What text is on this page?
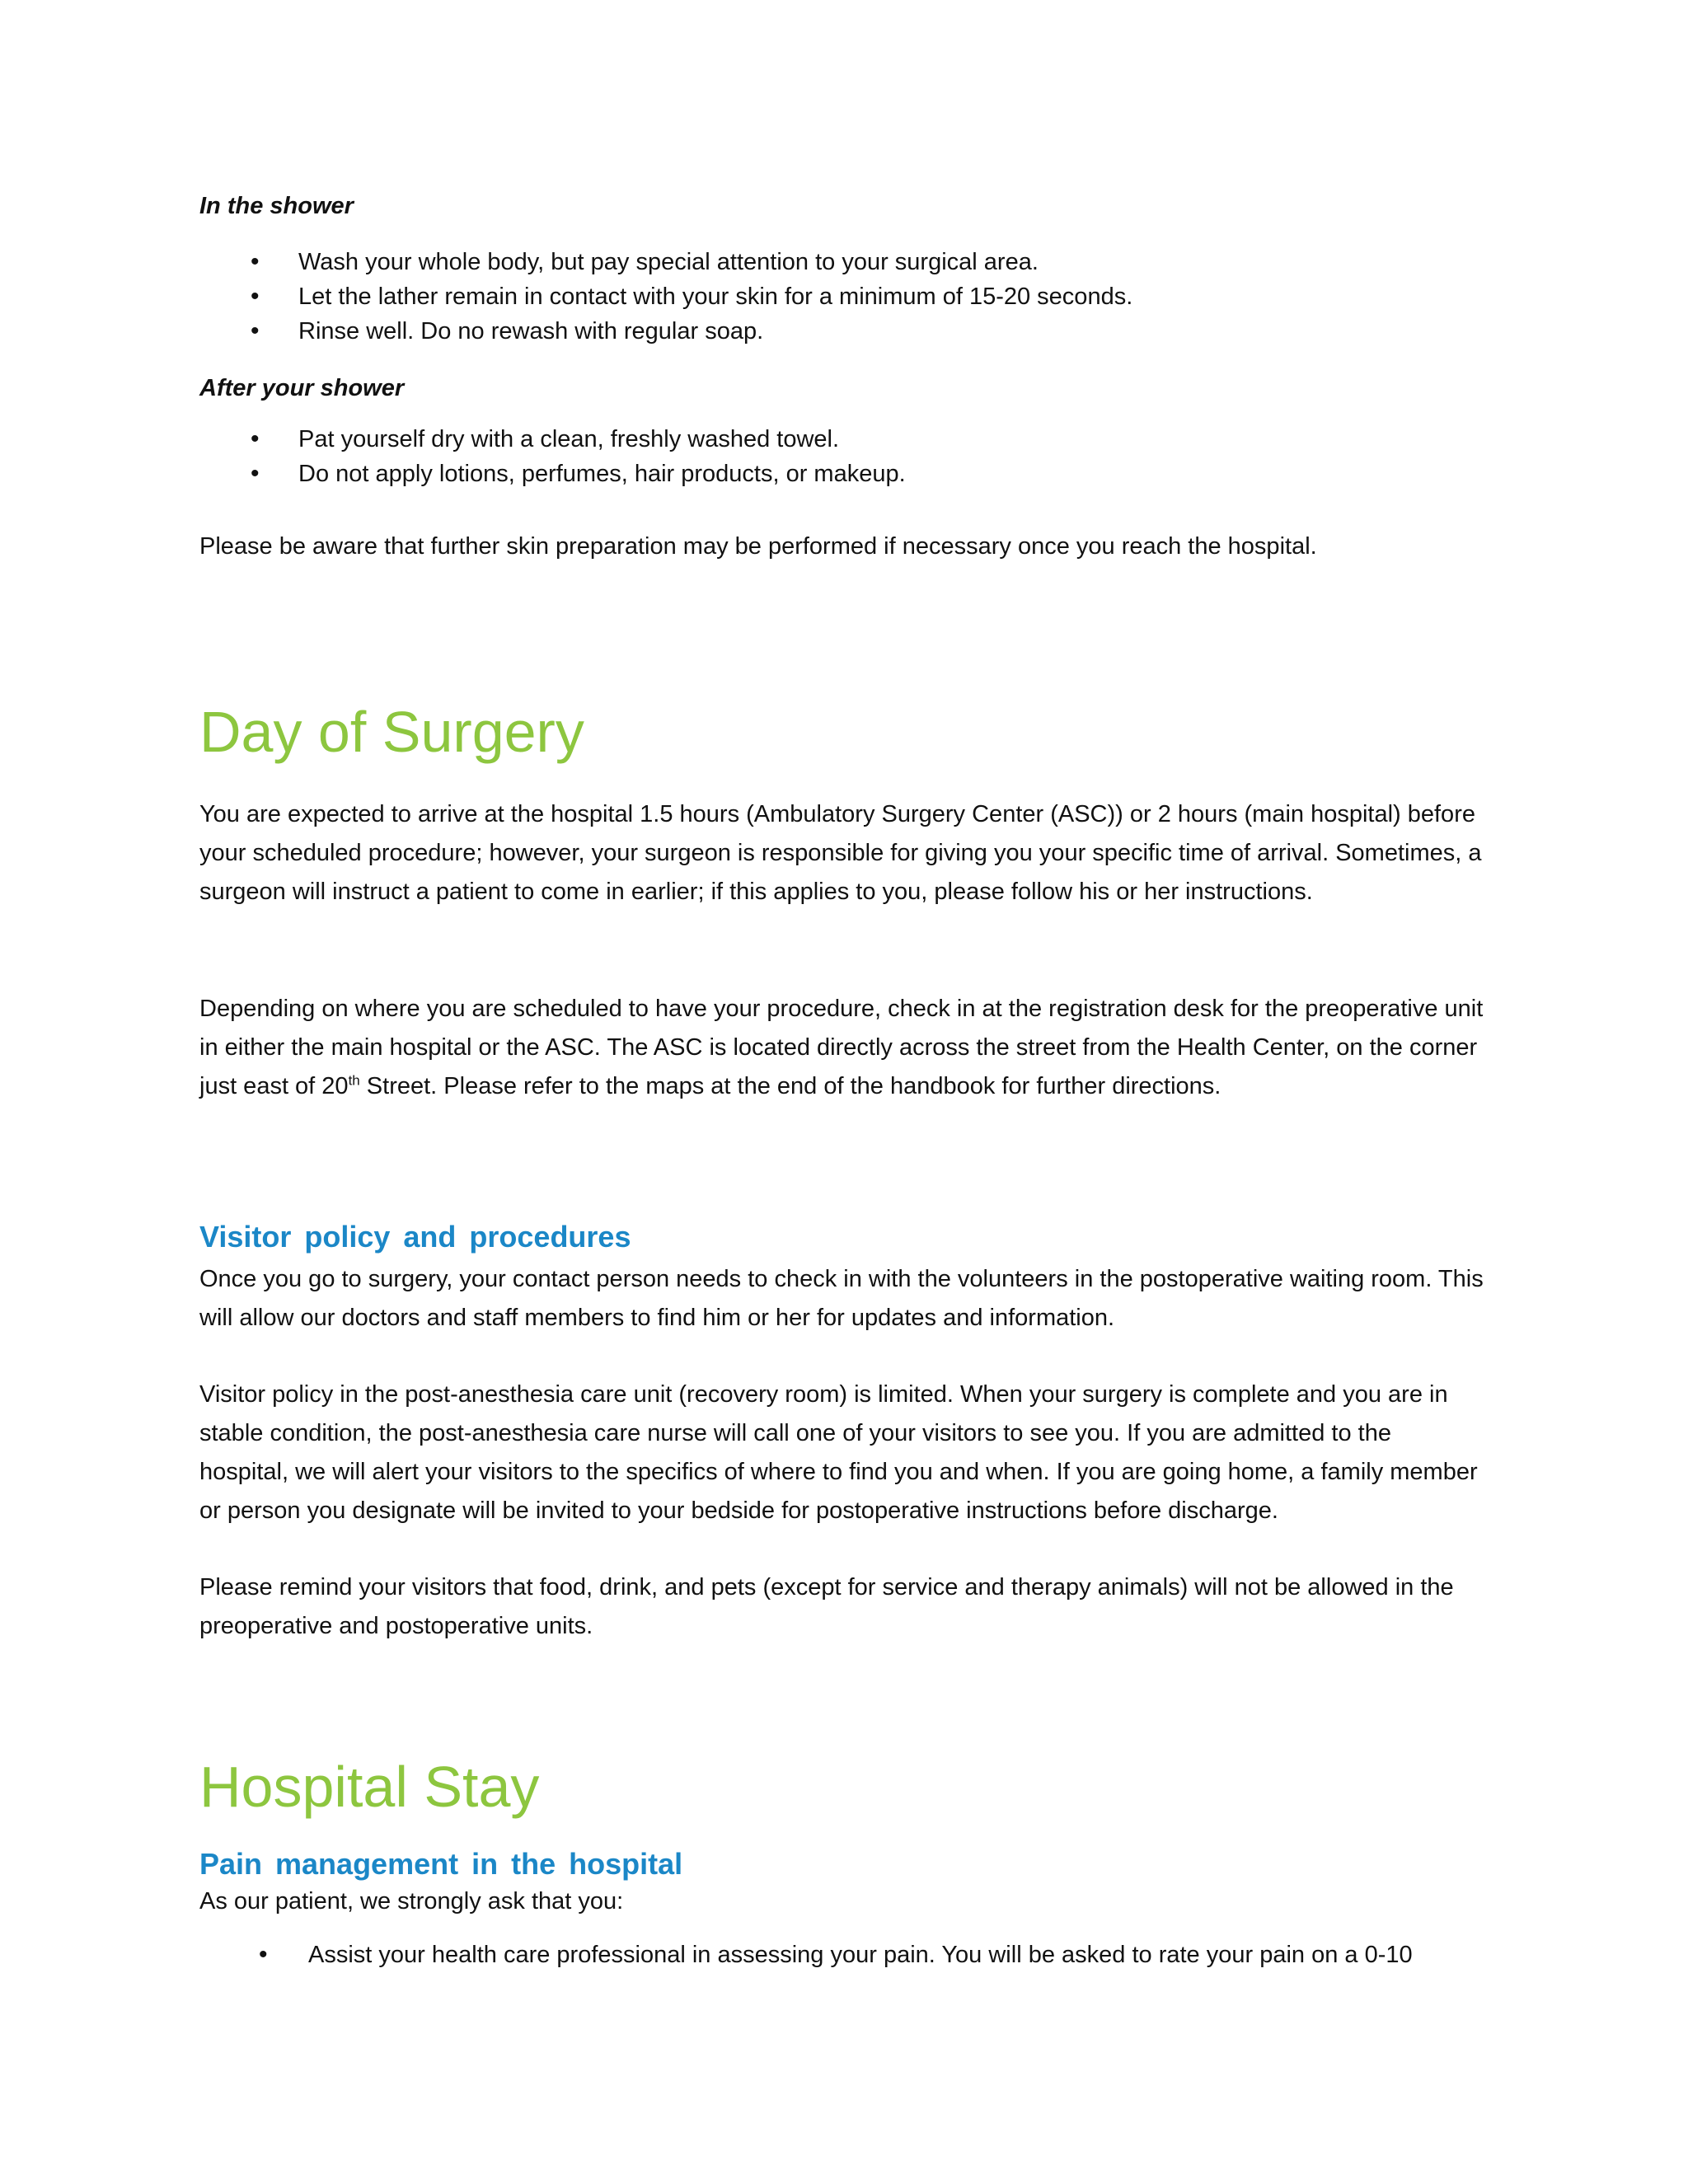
In the shower

• Wash your whole body, but pay special attention to your surgical area.
• Let the lather remain in contact with your skin for a minimum of 15-20 seconds.
• Rinse well. Do no rewash with regular soap.

After your shower

• Pat yourself dry with a clean, freshly washed towel.
• Do not apply lotions, perfumes, hair products, or makeup.

Please be aware that further skin preparation may be performed if necessary once you reach the hospital.

Day of Surgery

You are expected to arrive at the hospital 1.5 hours (Ambulatory Surgery Center (ASC)) or 2 hours (main hospital) before your scheduled procedure; however, your surgeon is responsible for giving you your specific time of arrival. Sometimes, a surgeon will instruct a patient to come in earlier; if this applies to you, please follow his or her instructions.

Depending on where you are scheduled to have your procedure, check in at the registration desk for the preoperative unit in either the main hospital or the ASC. The ASC is located directly across the street from the Health Center, on the corner just east of 20th Street. Please refer to the maps at the end of the handbook for further directions.

Visitor policy and procedures

Once you go to surgery, your contact person needs to check in with the volunteers in the postoperative waiting room. This will allow our doctors and staff members to find him or her for updates and information.

Visitor policy in the post-anesthesia care unit (recovery room) is limited. When your surgery is complete and you are in stable condition, the post-anesthesia care nurse will call one of your visitors to see you. If you are admitted to the hospital, we will alert your visitors to the specifics of where to find you and when. If you are going home, a family member or person you designate will be invited to your bedside for postoperative instructions before discharge.

Please remind your visitors that food, drink, and pets (except for service and therapy animals) will not be allowed in the preoperative and postoperative units.

Hospital Stay
Pain management in the hospital

As our patient, we strongly ask that you:

• Assist your health care professional in assessing your pain. You will be asked to rate your pain on a 0-10
